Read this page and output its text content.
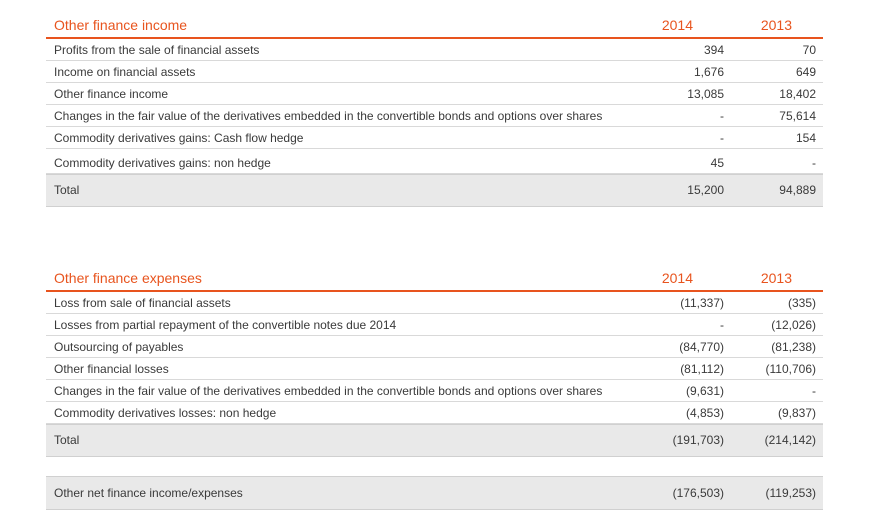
Other finance income	2014	2013
Profits from the sale of financial assets	394	70
Income on financial assets	1,676	649
Other finance income	13,085	18,402
Changes in the fair value of the derivatives embedded in the convertible bonds and options over shares	-	75,614
Commodity derivatives gains: Cash flow hedge	-	154
Commodity derivatives gains: non hedge	45	-
Total	15,200	94,889
Other finance expenses	2014	2013
Loss from sale of financial assets	(11,337)	(335)
Losses from partial repayment of the convertible notes due 2014	-	(12,026)
Outsourcing of payables	(84,770)	(81,238)
Other financial losses	(81,112)	(110,706)
Changes in the fair value of the derivatives embedded in the convertible bonds and options over shares	(9,631)	-
Commodity derivatives losses: non hedge	(4,853)	(9,837)
Total	(191,703)	(214,142)
Other net finance income/expenses	(176,503)	(119,253)
